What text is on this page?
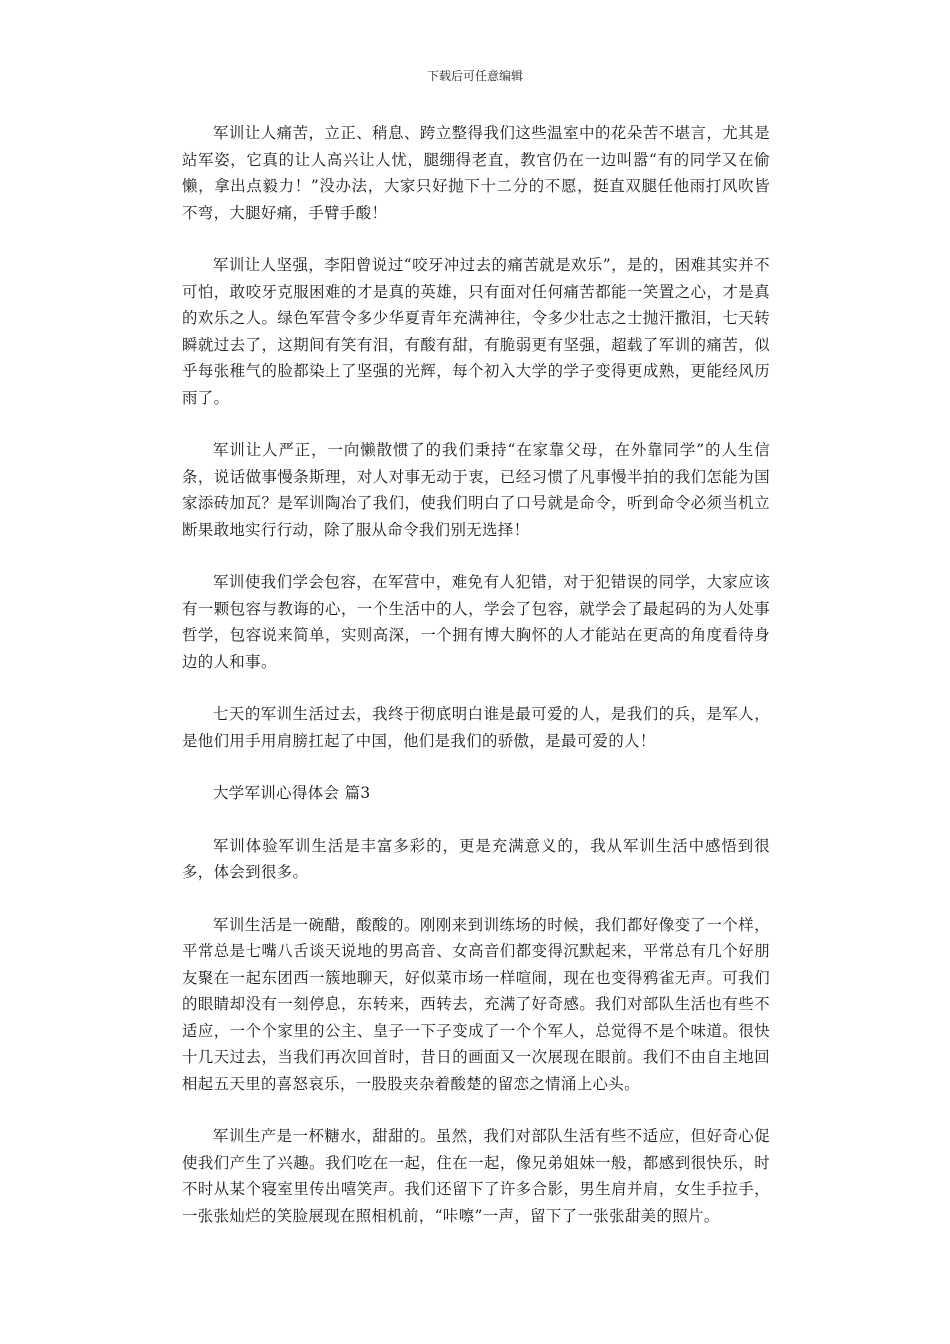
下载后可任意编辑

军训让人痛苦，立正、稍息、跨立整得我们这些温室中的花朵苦不堪言，尤其是站军姿，它真的让人高兴让人忧，腿绷得老直，教官仍在一边叫嚣“有的同学又在偷懒，拿出点毅力！”没办法，大家只好抛下十二分的不愿，挺直双腿任他雨打风吹皆不弯，大腿好痛，手臂手酸！

军训让人坚强，李阳曾说过“咬牙冲过去的痛苦就是欢乐”，是的，困难其实并不可怕，敢咬牙克服困难的才是真的英雄，只有面对任何痛苦都能一笑置之心，才是真的欢乐之人。绿色军营令多少华夏青年充满神往，令多少壮志之士抛汗撒泪，七天转瞬就过去了，这期间有笑有泪，有酸有甜，有脆弱更有坚强，超载了军训的痛苦，似乎每张稚气的脸都染上了坚强的光辉，每个初入大学的学子变得更成熟，更能经风历雨了。

军训让人严正，一向懒散惯了的我们秉持“在家靠父母，在外靠同学”的人生信条，说话做事慢条斯理，对人对事无动于衷，已经习惯了凡事慢半拍的我们怎能为国家添砖加瓦？是军训陶冶了我们，使我们明白了口号就是命令，听到命令必须当机立断果敢地实行行动，除了服从命令我们别无选择！

军训使我们学会包容，在军营中，难免有人犯错，对于犯错误的同学，大家应该有一颗包容与教诲的心，一个生活中的人，学会了包容，就学会了最起码的为人处事哲学，包容说来简单，实则高深，一个拥有博大胸怀的人才能站在更高的角度看待身边的人和事。

七天的军训生活过去，我终于彻底明白谁是最可爱的人，是我们的兵，是军人，是他们用手用肩膀扛起了中国，他们是我们的骄傲，是最可爱的人！

大学军训心得体会 篇3

军训体验军训生活是丰富多彩的，更是充满意义的，我从军训生活中感悟到很多，体会到很多。

军训生活是一碗醋，酸酸的。刚刚来到训练场的时候，我们都好像变了一个样，平常总是七嘴八舌谈天说地的男高音、女高音们都变得沉默起来，平常总有几个好朋友聚在一起东团西一簇地聊天，好似菜市场一样喧闹，现在也变得鸦雀无声。可我们的眼睛却没有一刻停息，东转来，西转去，充满了好奇感。我们对部队生活也有些不适应，一个个家里的公主、皇子一下子变成了一个个军人，总觉得不是个味道。很快十几天过去，当我们再次回首时，昔日的画面又一次展现在眼前。我们不由自主地回相起五天里的喜怒哀乐，一股股夹杂着酸楚的留恋之情涌上心头。

军训生产是一杯糖水，甜甜的。虽然，我们对部队生活有些不适应，但好奇心促使我们产生了兴趣。我们吃在一起，住在一起，像兄弟姐妹一般，都感到很快乐，时不时从某个寝室里传出嘻笑声。我们还留下了许多合影，男生肩并肩，女生手拉手，一张张灿烂的笑脸展现在照相机前，“咔嚓”一声，留下了一张张甜美的照片。
